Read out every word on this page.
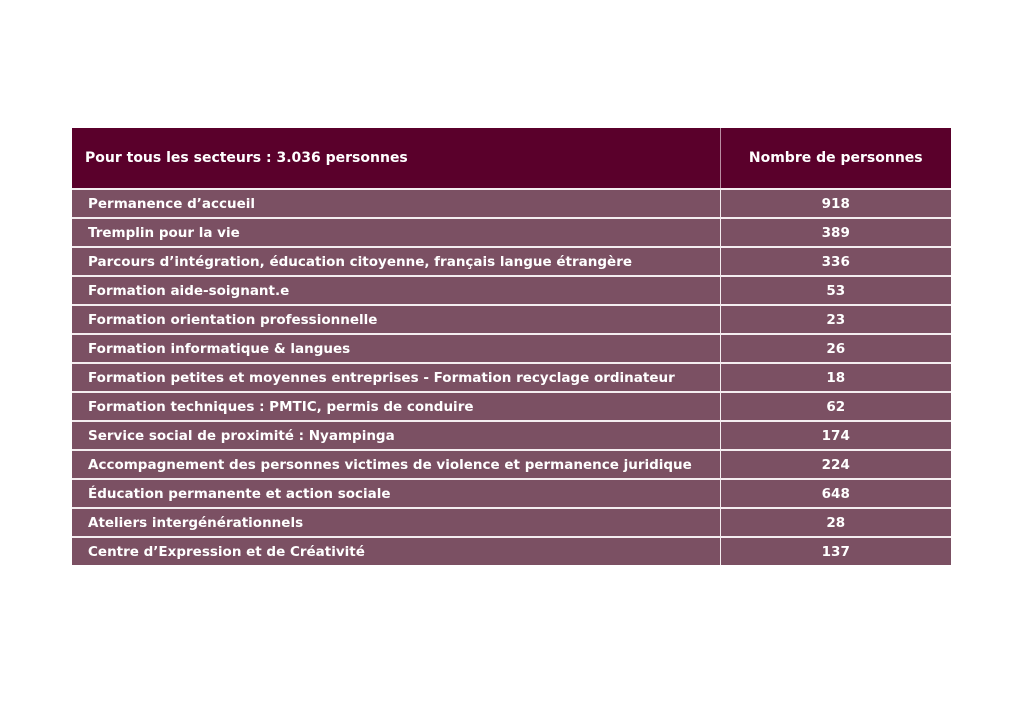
Pour tous les secteurs : 3.036 personnes	Nombre de personnes
Permanence d’accueil	918
Tremplin pour la vie	389
Parcours d’intégration, éducation citoyenne, français langue étrangère	336
Formation aide-soignant.e	53
Formation orientation professionnelle	23
Formation informatique & langues	26
Formation petites et moyennes entreprises - Formation recyclage ordinateur	18
Formation techniques : PMTIC, permis de conduire	62
Service social de proximité : Nyampinga	174
Accompagnement des personnes victimes de violence et permanence juridique	224
Éducation permanente et action sociale	648
Ateliers intergénérationnels	28
Centre d’Expression et de Créativité	137
